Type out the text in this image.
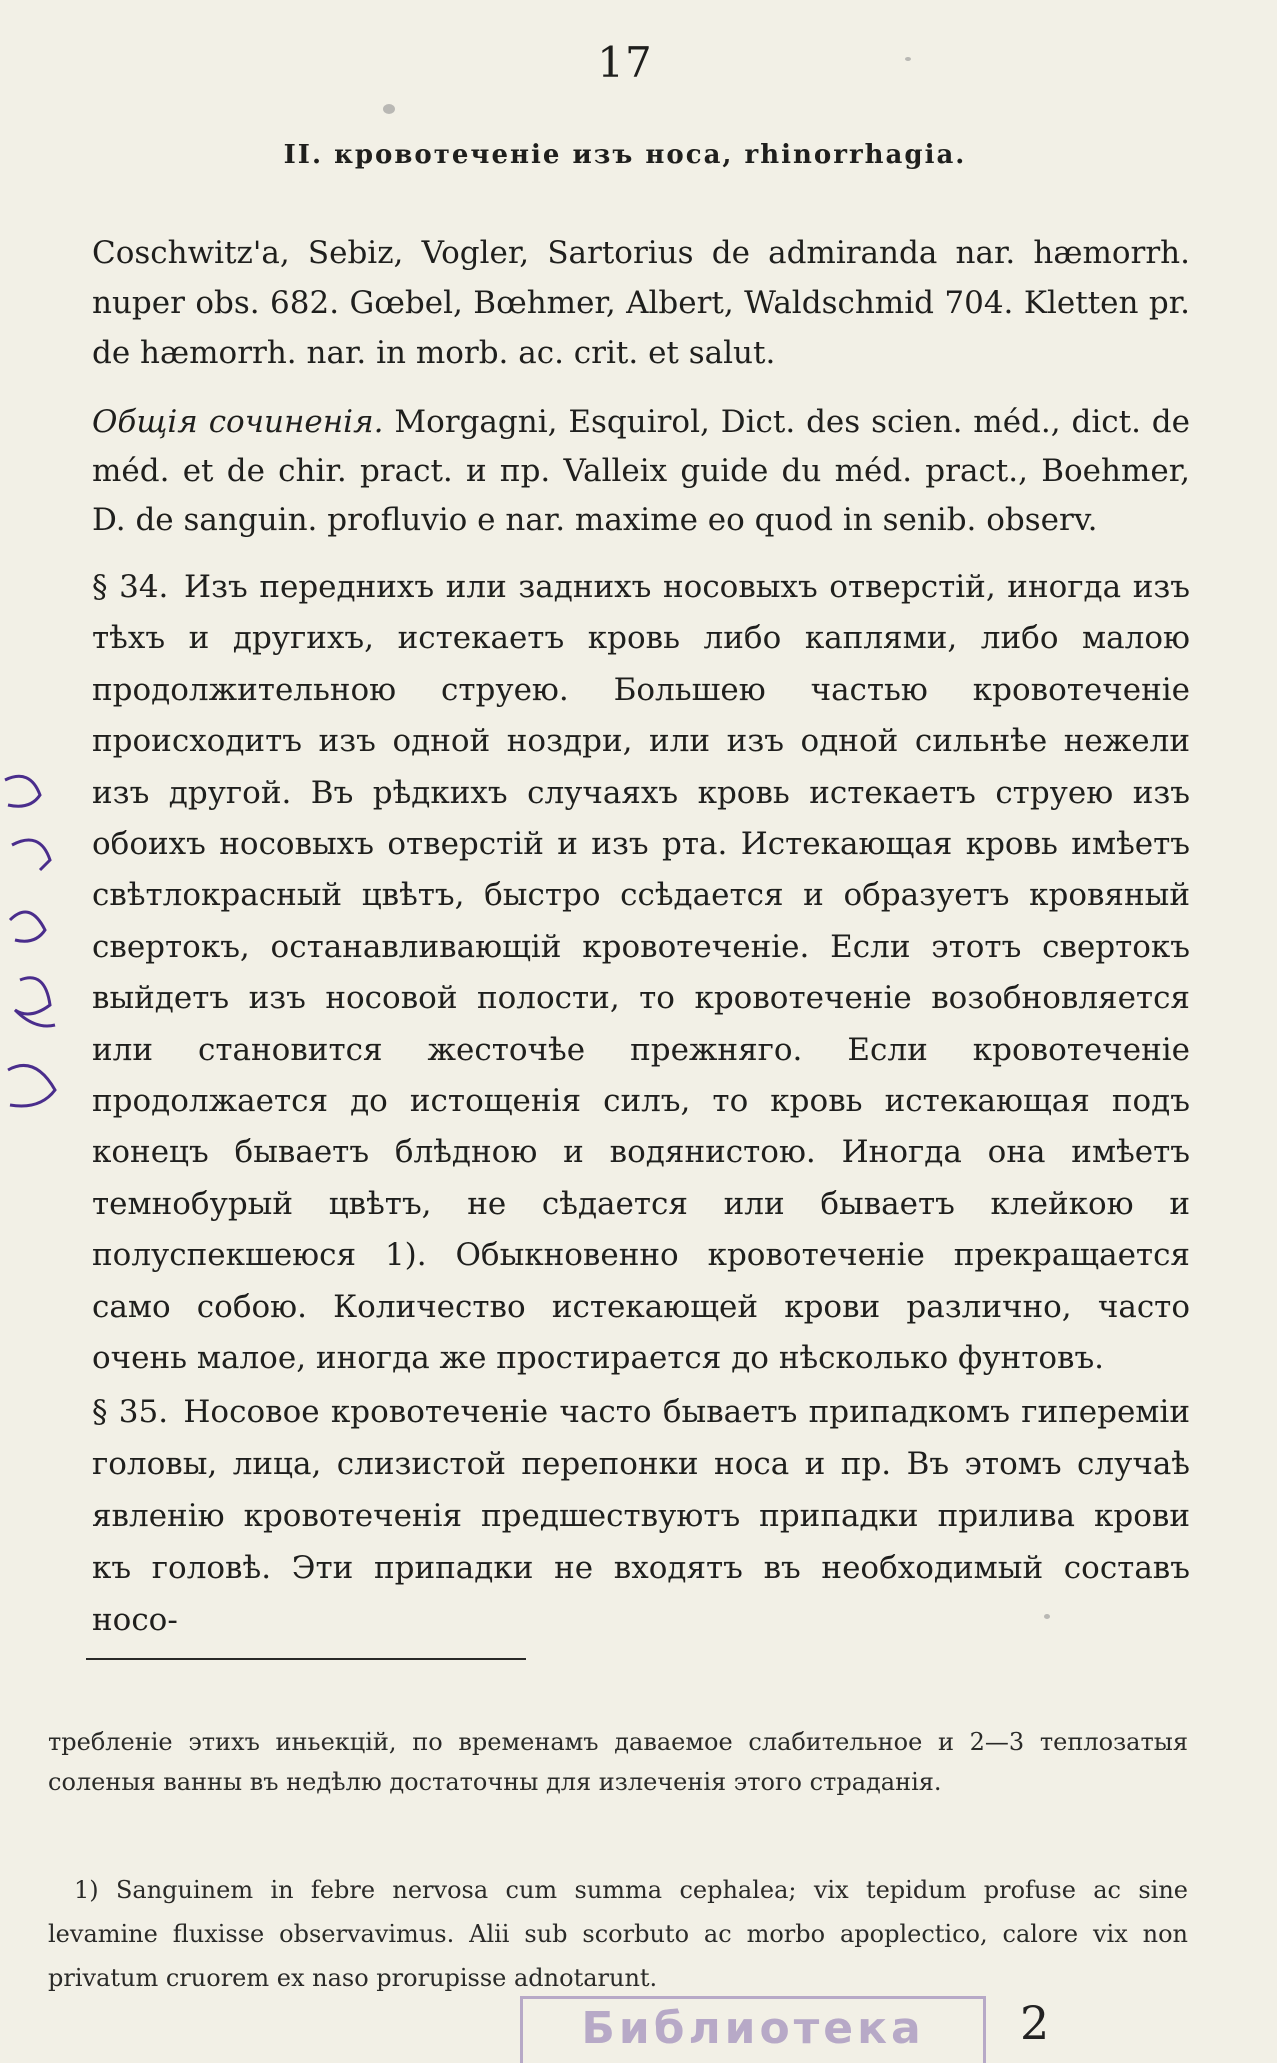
17
II. кровотеченіе изъ носа, rhinorrhagia.

Coschwitz'a, Sebiz, Vogler, Sartorius de admiranda nar. hæmorrh. nuper obs. 682. Gœbel, Bœhmer, Albert, Waldschmid 704. Kletten pr. de hæmorrh. nar. in morb. ac. crit. et salut.

Общія сочиненія. Morgagni, Esquirol, Dict. des scien. méd., dict. de méd. et de chir. pract. и пр. Valleix guide du méd. pract., Boehmer, D. de sanguin. profluvio e nar. maxime eo quod in senib. observ.

§ 34. Изъ переднихъ или заднихъ носовыхъ отверстій, иногда изъ тѣхъ и другихъ, истекаетъ кровь либо каплями, либо малою продолжительною струею. Большею частью кровотеченіе происходитъ изъ одной ноздри, или изъ одной сильнѣе нежели изъ другой. Въ рѣдкихъ случаяхъ кровь истекаетъ струею изъ обоихъ носовыхъ отверстій и изъ рта. Истекающая кровь имѣетъ свѣтлокрасный цвѣтъ, быстро ссѣдается и образуетъ кровяный свертокъ, останавливающій кровотеченіе. Если этотъ свертокъ выйдетъ изъ носовой полости, то кровотеченіе возобновляется или становится жесточѣе прежняго. Если кровотеченіе продолжается до истощенія силъ, то кровь истекающая подъ конецъ бываетъ блѣдною и водянистою. Иногда она имѣетъ темнобурый цвѣтъ, не сѣдается или бываетъ клейкою и полуспекшеюся 1). Обыкновенно кровотеченіе прекращается само собою. Количество истекающей крови различно, часто очень малое, иногда же простирается до нѣсколько фунтовъ.

§ 35. Носовое кровотеченіе часто бываетъ припадкомъ гипереміи головы, лица, слизистой перепонки носа и пр. Въ этомъ случаѣ явленію кровотеченія предшествуютъ припадки прилива крови къ головѣ. Эти припадки не входятъ въ необходимый составъ носо-

требленіе этихъ иньекцій, по временамъ даваемое слабительное и 2—3 теплозатыя соленыя ванны въ недѣлю достаточны для излеченія этого страданія.

1) Sanguinem in febre nervosa cum summa cephalea; vix tepidum profuse ac sine levamine fluxisse observavimus. Alii sub scorbuto ac morbo apoplectico, calore vix non privatum cruorem ex naso prorupisse adnotarunt.

Библиотека	2
